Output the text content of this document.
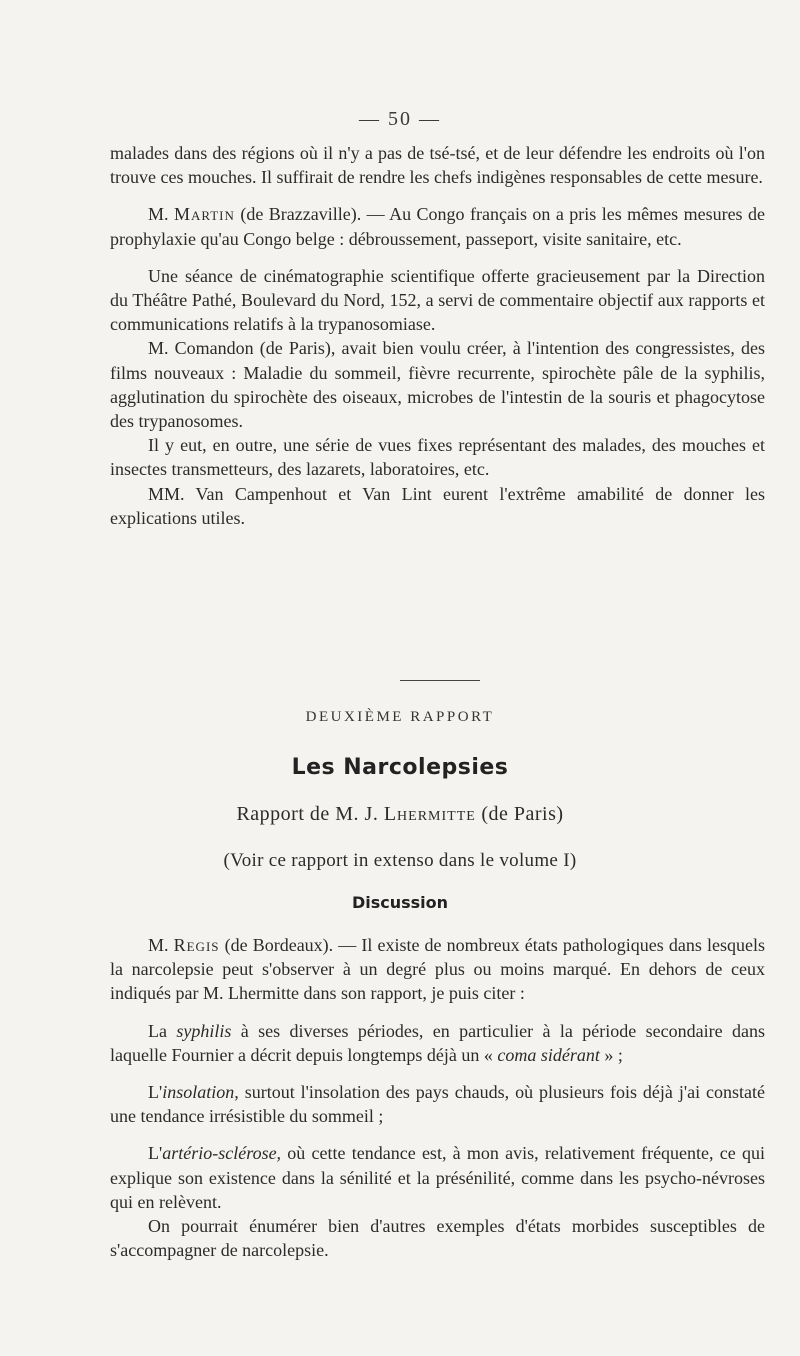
— 50 —

malades dans des régions où il n'y a pas de tsé-tsé, et de leur défendre les endroits où l'on trouve ces mouches. Il suffirait de rendre les chefs indigènes responsables de cette mesure.

M. Martin (de Brazzaville). — Au Congo français on a pris les mêmes mesures de prophylaxie qu'au Congo belge : débroussement, passeport, visite sanitaire, etc.

Une séance de cinématographie scientifique offerte gracieusement par la Direction du Théâtre Pathé, Boulevard du Nord, 152, a servi de commentaire objectif aux rapports et communications relatifs à la trypanosomiase.

M. Comandon (de Paris), avait bien voulu créer, à l'intention des congressistes, des films nouveaux : Maladie du sommeil, fièvre recurrente, spirochète pâle de la syphilis, agglutination du spirochète des oiseaux, microbes de l'intestin de la souris et phagocytose des trypanosomes.

Il y eut, en outre, une série de vues fixes représentant des malades, des mouches et insectes transmetteurs, des lazarets, laboratoires, etc.

MM. Van Campenhout et Van Lint eurent l'extrême amabilité de donner les explications utiles.

DEUXIÈME RAPPORT
Les Narcolepsies
Rapport de M. J. Lhermitte (de Paris)
(Voir ce rapport in extenso dans le volume I)
Discussion

M. Regis (de Bordeaux). — Il existe de nombreux états pathologiques dans lesquels la narcolepsie peut s'observer à un degré plus ou moins marqué. En dehors de ceux indiqués par M. Lhermitte dans son rapport, je puis citer :

La syphilis à ses diverses périodes, en particulier à la période secondaire dans laquelle Fournier a décrit depuis longtemps déjà un « coma sidérant » ;

L'insolation, surtout l'insolation des pays chauds, où plusieurs fois déjà j'ai constaté une tendance irrésistible du sommeil ;

L'artério-sclérose, où cette tendance est, à mon avis, relativement fréquente, ce qui explique son existence dans la sénilité et la présénilité, comme dans les psycho-névroses qui en relèvent.

On pourrait énumérer bien d'autres exemples d'états morbides susceptibles de s'accompagner de narcolepsie.
